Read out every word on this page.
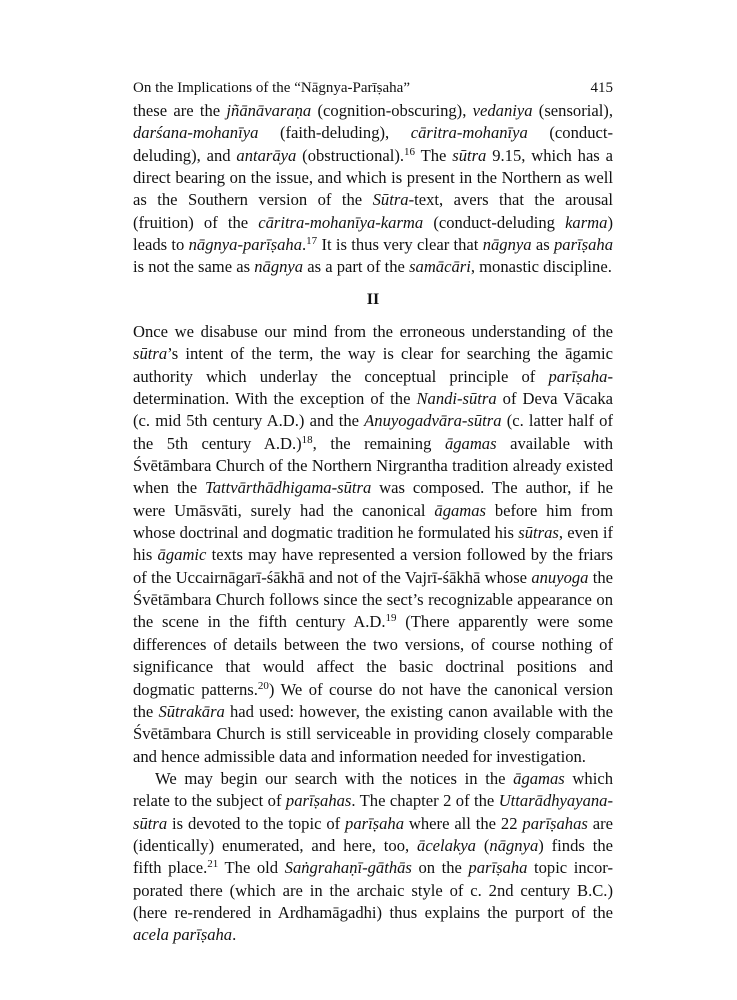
On the Implications of the “Nāgnya-Parīṣaha”	415
these are the jñānāvaraṇa (cognition-obscuring), vedaniya (sensorial),
darśana-mohanīya (faith-deluding), cāritra-mohanīya (conduct-
deluding), and antarāya (obstructional).$^{16}$ The sūtra 9.15, which has a
direct bearing on the issue, and which is present in the Northern as well
as the Southern version of the Sūtra-text, avers that the arousal
(fruition) of the cāritra-mohanīya-karma (conduct-deluding karma)
leads to nāgnya-parīṣaha.$^{17}$ It is thus very clear that nāgnya as parīṣaha
is not the same as nāgnya as a part of the samācāri, monastic discipline.
II
Once we disabuse our mind from the erroneous understanding of the
sūtra’s intent of the term, the way is clear for searching the āgamic
authority which underlay the conceptual principle of parīṣaha-
determination. With the exception of the Nandi-sūtra of Deva Vācaka
(c. mid 5th century A.D.) and the Anuyogadvāra-sūtra (c. latter half of
the 5th century A.D.)$^{18}$, the remaining āgamas available with
Śvētāmbara Church of the Northern Nirgrantha tradition already existed
when the Tattvārthādhigama-sūtra was composed. The author, if he
were Umāsvāti, surely had the canonical āgamas before him from
whose doctrinal and dogmatic tradition he formulated his sūtras, even if
his āgamic texts may have represented a version followed by the friars
of the Uccairnāgarī-śākhā and not of the Vajrī-śākhā whose anuyoga the
Śvētāmbara Church follows since the sect’s recognizable appearance on
the scene in the fifth century A.D.$^{19}$ (There apparently were some
differences of details between the two versions, of course nothing of
significance that would affect the basic doctrinal positions and
dogmatic patterns.$^{20}$) We of course do not have the canonical version
the Sūtrakāra had used: however, the existing canon available with the
Śvētāmbara Church is still serviceable in providing closely comparable
and hence admissible data and information needed for investigation.
We may begin our search with the notices in the āgamas which
relate to the subject of parīṣahas. The chapter 2 of the Uttarādhyayana-
sūtra is devoted to the topic of parīṣaha where all the 22 parīṣahas are
(identically) enumerated, and here, too, ācelakya (nāgnya) finds the
fifth place.$^{21}$ The old Saṅgrahaṇī-gāthās on the parīṣaha topic incor-
porated there (which are in the archaic style of c. 2nd century B.C.)
(here re-rendered in Ardhamāgadhi) thus explains the purport of the
acela parīṣaha.
